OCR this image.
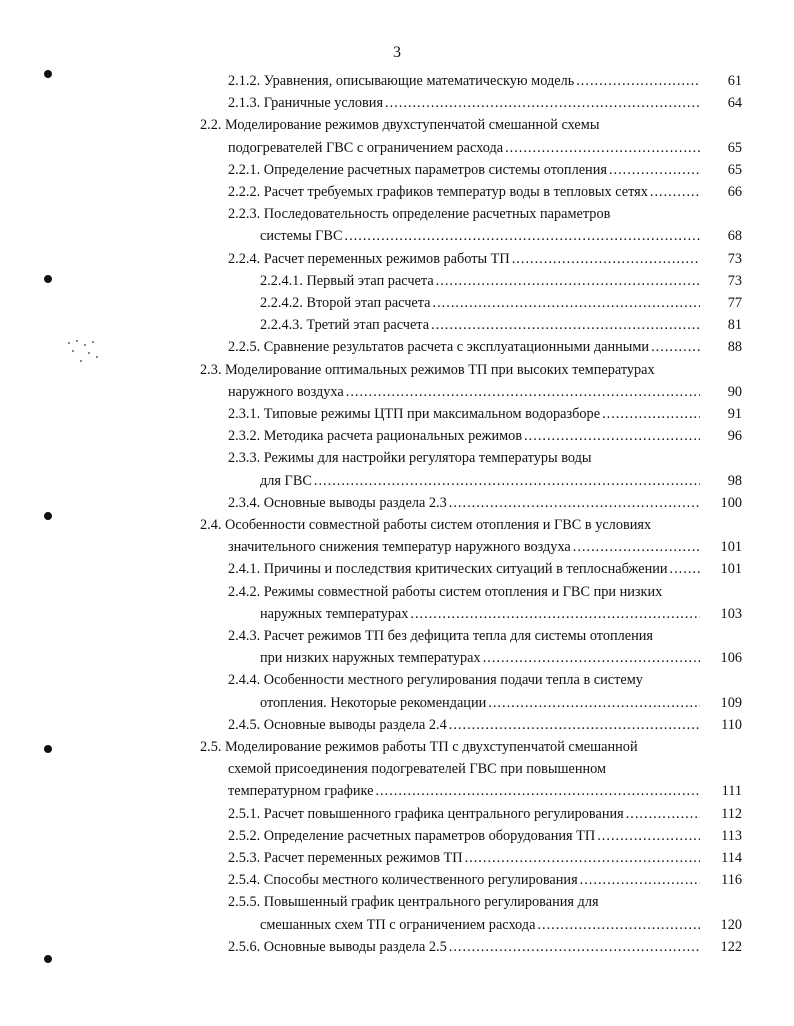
3
2.1.2. Уравнения, описывающие математическую модель .....	61
2.1.3. Граничные условия .....	64
2.2. Моделирование режимов двухступенчатой смешанной схемы
подогревателей ГВС с ограничением расхода .....	65
2.2.1. Определение расчетных параметров системы отопления .....	65
2.2.2. Расчет требуемых графиков температур воды в тепловых сетях .....	66
2.2.3. Последовательность определение расчетных параметров
системы ГВС .....	68
2.2.4. Расчет переменных режимов работы ТП .....	73
2.2.4.1. Первый этап расчета .....	73
2.2.4.2. Второй этап расчета .....	77
2.2.4.3. Третий этап расчета .....	81
2.2.5. Сравнение результатов расчета с эксплуатационными данными .....	88
2.3. Моделирование оптимальных режимов ТП при высоких температурах
наружного воздуха .....	90
2.3.1. Типовые режимы ЦТП при максимальном водоразборе .....	91
2.3.2. Методика расчета рациональных режимов .....	96
2.3.3. Режимы для настройки регулятора температуры воды
для ГВС .....	98
2.3.4. Основные выводы раздела 2.3 .....	100
2.4. Особенности совместной работы систем отопления и ГВС в условиях
значительного снижения температур наружного воздуха .....	101
2.4.1. Причины и последствия критических ситуаций в теплоснабжении .....	101
2.4.2. Режимы совместной работы систем отопления и ГВС при низких
наружных температурах .....	103
2.4.3. Расчет режимов ТП без дефицита тепла для системы отопления
при низких наружных температурах .....	106
2.4.4. Особенности местного регулирования подачи тепла в систему
отопления. Некоторые рекомендации .....	109
2.4.5. Основные выводы раздела 2.4 .....	110
2.5. Моделирование режимов работы ТП с двухступенчатой смешанной
схемой присоединения подогревателей ГВС при повышенном
температурном графике .....	111
2.5.1. Расчет повышенного графика центрального регулирования .....	112
2.5.2. Определение расчетных параметров оборудования ТП .....	113
2.5.3. Расчет переменных режимов ТП .....	114
2.5.4. Способы местного количественного регулирования .....	116
2.5.5. Повышенный график центрального регулирования для
смешанных схем ТП с ограничением расхода .....	120
2.5.6. Основные выводы раздела 2.5 .....	122
